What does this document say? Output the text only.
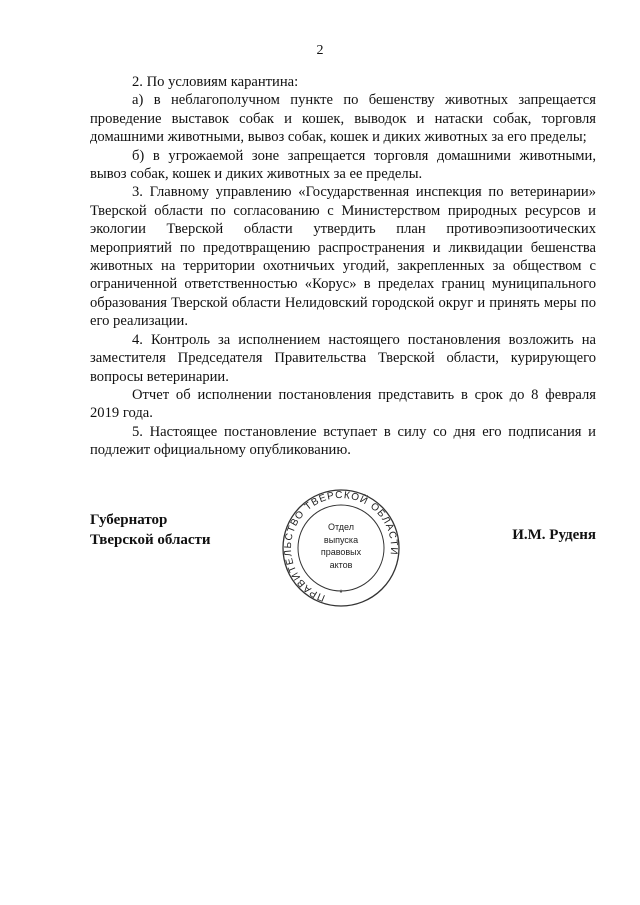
2

2. По условиям карантина:

а) в неблагополучном пункте по бешенству животных запрещается проведение выставок собак и кошек, выводок и натаски собак, торговля домашними животными, вывоз собак, кошек и диких животных за его пределы;

б) в угрожаемой зоне запрещается торговля домашними животными, вывоз собак, кошек и диких животных за ее пределы.

3. Главному управлению «Государственная инспекция по ветеринарии» Тверской области по согласованию с Министерством природных ресурсов и экологии Тверской области утвердить план противоэпизоотических мероприятий по предотвращению распространения и ликвидации бешенства животных на территории охотничьих угодий, закрепленных за обществом с ограниченной ответственностью «Корус» в пределах границ муниципального образования Тверской области Нелидовский городской округ и принять меры по его реализации.

4. Контроль за исполнением настоящего постановления возложить на заместителя Председателя Правительства Тверской области, курирующего вопросы ветеринарии.

Отчет об исполнении постановления представить в срок до 8 февраля 2019 года.

5. Настоящее постановление вступает в силу со дня его подписания и подлежит официальному опубликованию.

Губернатор
Тверской области
ПРАВИТЕЛЬСТВО ТВЕРСКОЙ ОБЛАСТИ
*
Отдел
выпуска
правовых
актов
И.М. Руденя
